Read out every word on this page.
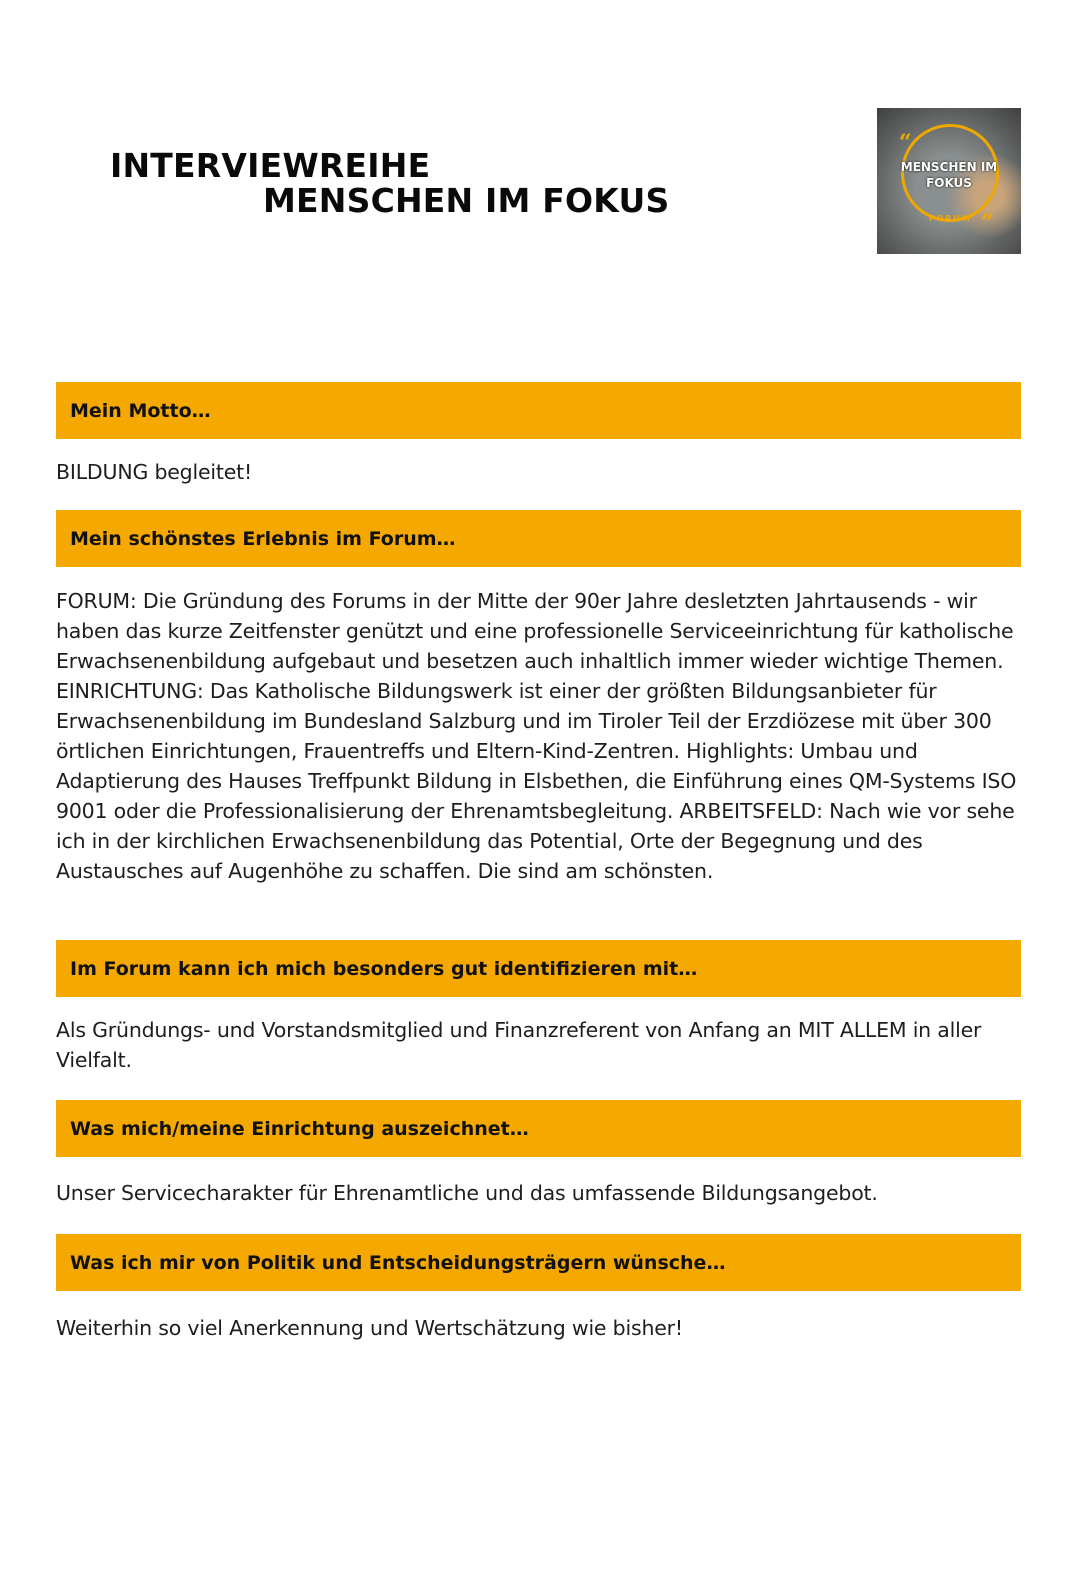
INTERVIEWREIHE
MENSCHEN IM FOKUS
“
”
MENSCHEN IM
FOKUS
FORUM
Mein Motto…
BILDUNG begleitet!
Mein schönstes Erlebnis im Forum…
FORUM: Die Gründung des Forums in der Mitte der 90er Jahre desletzten Jahrtausends - wir haben das kurze Zeitfenster genützt und eine professionelle Serviceeinrichtung für katholische Erwachsenenbildung aufgebaut und besetzen auch inhaltlich immer wieder wichtige Themen. EINRICHTUNG: Das Katholische Bildungswerk ist einer der größten Bildungsanbieter für Erwachsenenbildung im Bundesland Salzburg und im Tiroler Teil der Erzdiözese mit über 300 örtlichen Einrichtungen, Frauentreffs und Eltern-Kind-Zentren. Highlights: Umbau und Adaptierung des Hauses Treffpunkt Bildung in Elsbethen, die Einführung eines QM-Systems ISO 9001 oder die Professionalisierung der Ehrenamtsbegleitung. ARBEITSFELD: Nach wie vor sehe ich in der kirchlichen Erwachsenenbildung das Potential, Orte der Begegnung und des Austausches auf Augenhöhe zu schaffen. Die sind am schönsten.
Im Forum kann ich mich besonders gut identifizieren mit…
Als Gründungs- und Vorstandsmitglied und Finanzreferent von Anfang an MIT ALLEM in aller Vielfalt.
Was mich/meine Einrichtung auszeichnet…
Unser Servicecharakter für Ehrenamtliche und das umfassende Bildungsangebot.
Was ich mir von Politik und Entscheidungsträgern wünsche…
Weiterhin so viel Anerkennung und Wertschätzung wie bisher!
